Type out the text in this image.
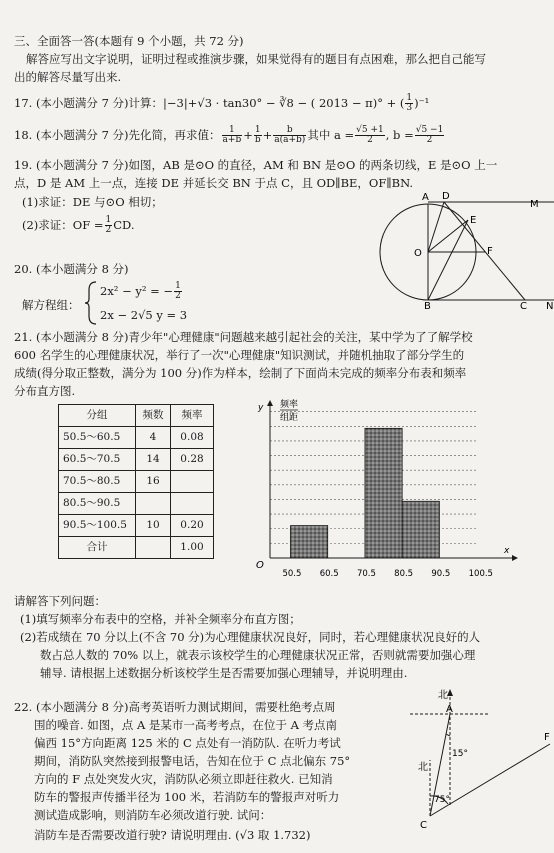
三、全面答一答(本题有 9 个小题，共 72 分)
解答应写出文字说明，证明过程或推演步骤，如果觉得有的题目有点困难，那么把自己能写
出的解答尽量写出来.
17. (本小题满分 7 分)计算：|−3|+√3 · tan30° − ∛8 − ( 2013 − π)° + ( $\frac{1}{3} )^{-1}$
18. (本小题满分 7 分)先化简，再求值： $\frac{1}{a+b} + \frac{1}{b} + \frac{b}{a(a+b)}$ 其中 $a = \frac{√5 +1}{2}$ , $b = \frac{√5 -1}{2}$
19. (本小题满分 7 分)如图，AB 是⊙O 的直径，AM 和 BN 是⊙O 的两条切线，E 是⊙O 上一
点，D 是 AM 上一点，连接 DE 并延长交 BN 于点 C，且 OD∥BE，OF∥BN.
(1)求证：DE 与⊙O 相切；
(2)求证：OF = $\frac{1}{2}$ CD.
A D
M
E
O	F
B	C N
20. (本小题满分 8 分)
解方程组：
2x² − y² = − $\frac{1}{2}$
2x − 2√5 y = 3
21. (本小题满分 8 分)青少年"心理健康"问题越来越引起社会的关注，某中学为了了解学校
600 名学生的心理健康状况，举行了一次"心理健康"知识测试，并随机抽取了部分学生的
成绩(得分取正整数，满分为 100 分)作为样本，绘制了下面尚未完成的频率分布表和频率
分布直方图.
分组	频数	频率
50.5～60.5	4	0.08
60.5～70.5	14	0.28
70.5～80.5	16	
80.5～90.5		
90.5～100.5	10	0.20
合计		1.00
y
x
O
频率
组距
50.5 60.5 70.5 80.5 90.5 100.5
请解答下列问题：
(1)填写频率分布表中的空格，并补全频率分布直方图；
(2)若成绩在 70 分以上(不含 70 分)为心理健康状况良好，同时，若心理健康状况良好的人
数占总人数的 70% 以上，就表示该校学生的心理健康状况正常，否则就需要加强心理
辅导. 请根据上述数据分析该校学生是否需要加强心理辅导，并说明理由.
22. (本小题满分 8 分)高考英语听力测试期间，需要杜绝考点周
围的噪音. 如图，点 A 是某市一高考考点，在位于 A 考点南
偏西 15°方向距离 125 米的 C 点处有一消防队. 在听力考试
期间，消防队突然接到报警电话，告知在位于 C 点北偏东 75°
方向的 F 点处突发火灾，消防队必须立即赶往救火. 已知消
防车的警报声传播半径为 100 米，若消防车的警报声对听力
测试造成影响，则消防车必须改道行驶. 试问：
消防车是否需要改道行驶? 请说明理由. (√3 取 1.732)
北
A
15°
北
75°
C
F
